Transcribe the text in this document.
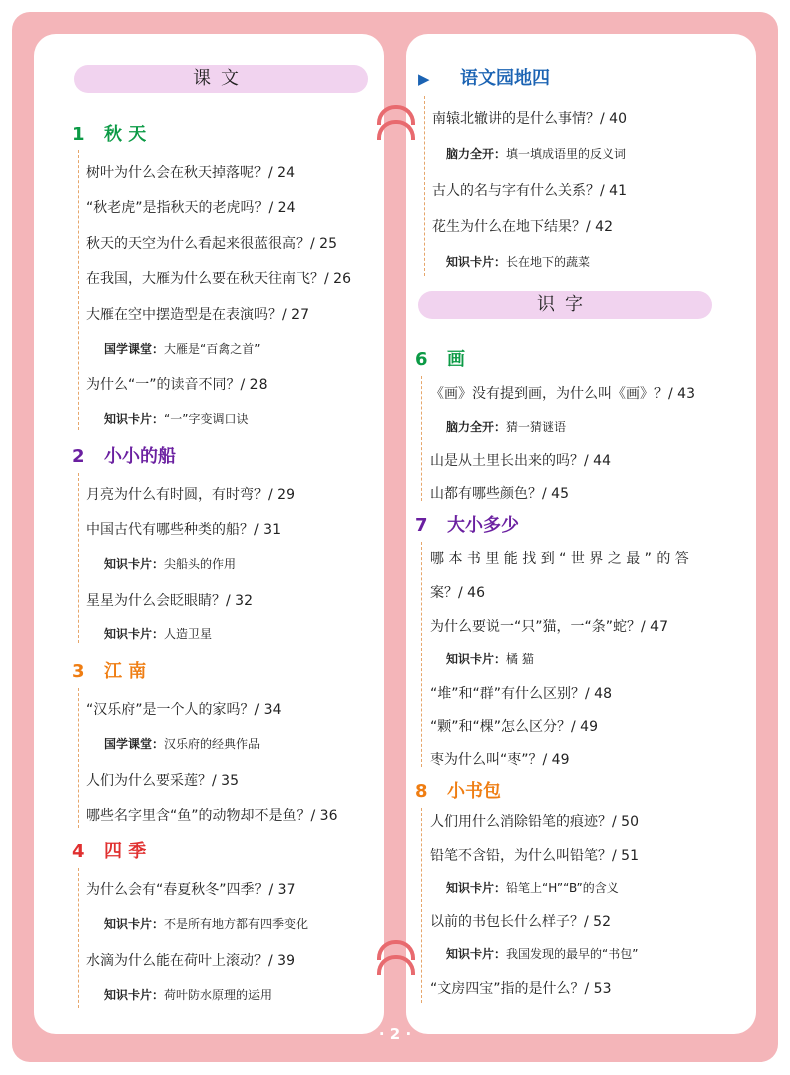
课文
1 秋 天
树叶为什么会在秋天掉落呢？/ 24
“秋老虎”是指秋天的老虎吗？/ 24
秋天的天空为什么看起来很蓝很高？/ 25
在我国，大雁为什么要在秋天往南飞？/ 26
大雁在空中摆造型是在表演吗？/ 27
国学课堂：大雁是“百禽之首”
为什么“一”的读音不同？/ 28
知识卡片：“一”字变调口诀
2 小小的船
月亮为什么有时圆，有时弯？/ 29
中国古代有哪些种类的船？/ 31
知识卡片：尖船头的作用
星星为什么会眨眼睛？/ 32
知识卡片：人造卫星
3 江 南
“汉乐府”是一个人的家吗？/ 34
国学课堂：汉乐府的经典作品
人们为什么要采莲？/ 35
哪些名字里含“鱼”的动物却不是鱼？/ 36
4 四 季
为什么会有“春夏秋冬”四季？/ 37
知识卡片：不是所有地方都有四季变化
水滴为什么能在荷叶上滚动？/ 39
知识卡片：荷叶防水原理的运用
▶ 语文园地四
南辕北辙讲的是什么事情？/ 40
脑力全开：填一填成语里的反义词
古人的名与字有什么关系？/ 41
花生为什么在地下结果？/ 42
知识卡片：长在地下的蔬菜
识字
6 画
《画》没有提到画，为什么叫《画》？/ 43
脑力全开：猜一猜谜语
山是从土里长出来的吗？/ 44
山都有哪些颜色？/ 45
7 大小多少
哪 本 书 里 能 找 到 “ 世 界 之 最 ” 的 答
案？/ 46
为什么要说一“只”猫，一“条”蛇？/ 47
知识卡片：橘 猫
“堆”和“群”有什么区别？/ 48
“颗”和“棵”怎么区分？/ 49
枣为什么叫“枣”？/ 49
8 小书包
人们用什么消除铅笔的痕迹？/ 50
铅笔不含铅，为什么叫铅笔？/ 51
知识卡片：铅笔上“H”“B”的含义
以前的书包长什么样子？/ 52
知识卡片：我国发现的最早的“书包”
“文房四宝”指的是什么？/ 53
· 2 ·
